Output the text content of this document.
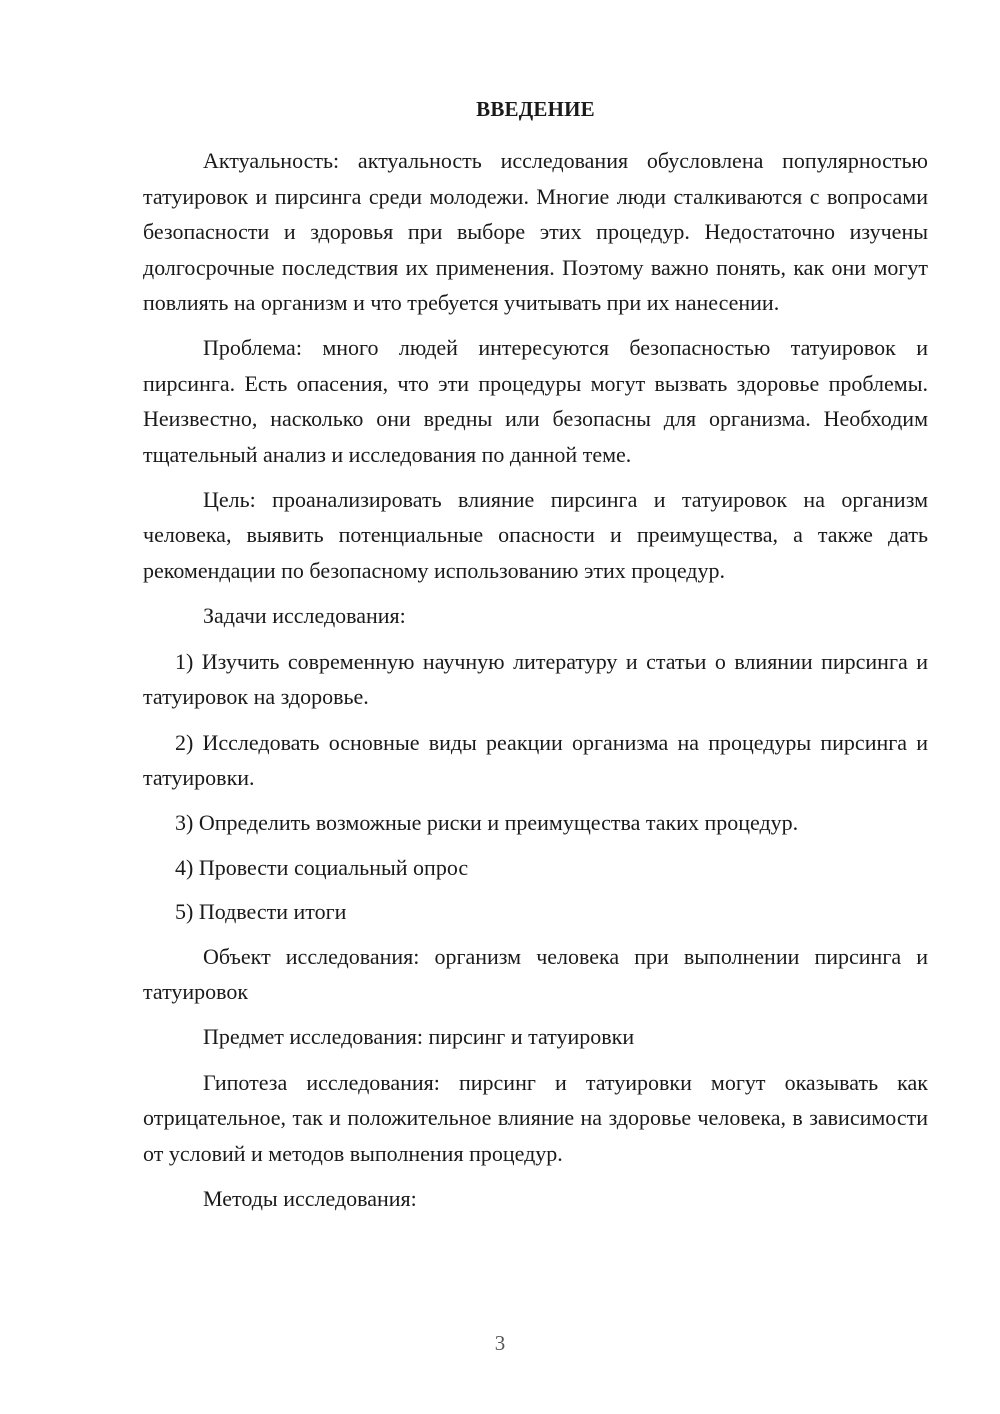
ВВЕДЕНИЕ

Актуальность: актуальность исследования обусловлена популярностью татуировок и пирсинга среди молодежи. Многие люди сталкиваются с вопросами безопасности и здоровья при выборе этих процедур. Недостаточно изучены долгосрочные последствия их применения. Поэтому важно понять, как они могут повлиять на организм и что требуется учитывать при их нанесении.

Проблема: много людей интересуются безопасностью татуировок и пирсинга. Есть опасения, что эти процедуры могут вызвать здоровье проблемы. Неизвестно, насколько они вредны или безопасны для организма. Необходим тщательный анализ и исследования по данной теме.

Цель: проанализировать влияние пирсинга и татуировок на организм человека, выявить потенциальные опасности и преимущества, а также дать рекомендации по безопасному использованию этих процедур.

Задачи исследования:

1) Изучить современную научную литературу и статьи о влиянии пирсинга и татуировок на здоровье.

2) Исследовать основные виды реакции организма на процедуры пирсинга и татуировки.

3) Определить возможные риски и преимущества таких процедур.

4) Провести социальный опрос

5) Подвести итоги

Объект исследования: организм человека при выполнении пирсинга и татуировок

Предмет исследования: пирсинг и татуировки

Гипотеза исследования: пирсинг и татуировки могут оказывать как отрицательное, так и положительное влияние на здоровье человека, в зависимости от условий и методов выполнения процедур.

Методы исследования:

3
